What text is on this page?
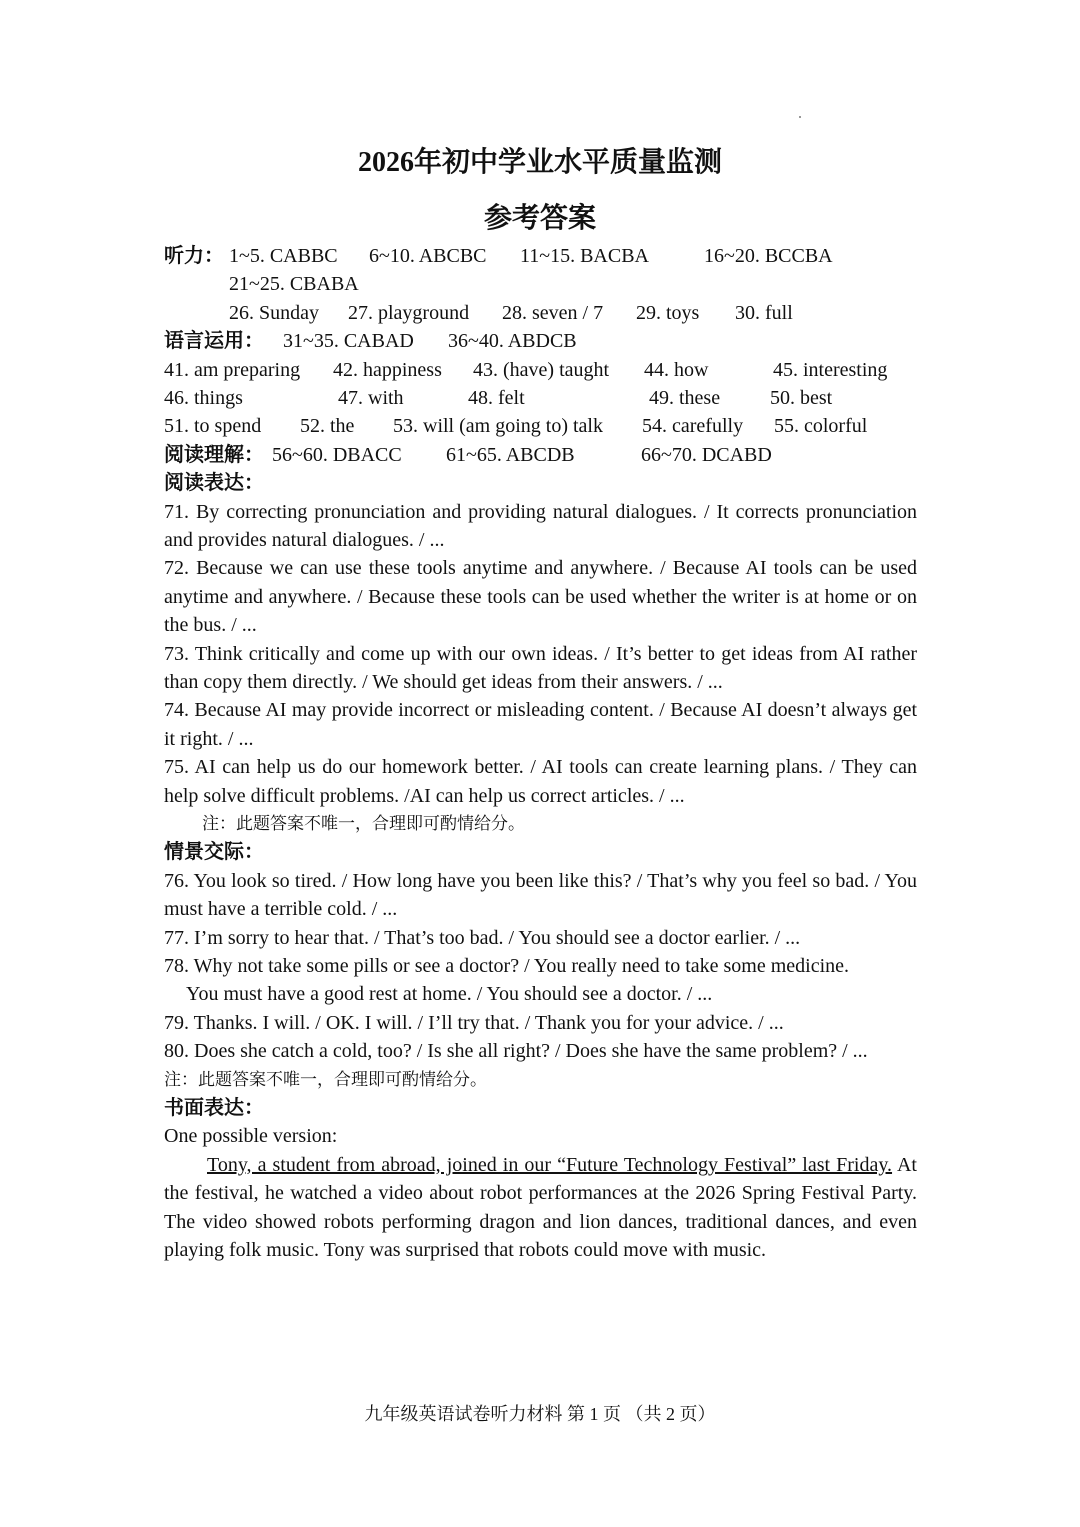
2026年初中学业水平质量监测
参考答案
听力： 1~5. CABBC 6~10. ABCBC 11~15. BACBA	16~20. BCCBA
21~25. CBABA
26. Sunday 27. playground 28. seven / 7 29. toys 30. full
语言运用： 31~35. CABAD 36~40. ABDCB
41. am preparing 42. happiness 43. (have) taught 44. how	45. interesting
46. things	47. with	48. felt	49. these 50. best
51. to spend 52. the 53. will (am going to) talk 54. carefully 55. colorful
阅读理解： 56~60. DBACC 61~65. ABCDB	66~70. DCABD
阅读表达：
71. By correcting pronunciation and providing natural dialogues. / It corrects pronunciation and provides natural dialogues. / ...
72. Because we can use these tools anytime and anywhere. / Because AI tools can be used anytime and anywhere. / Because these tools can be used whether the writer is at home or on the bus. / ...
73. Think critically and come up with our own ideas. / It’s better to get ideas from AI rather than copy them directly. / We should get ideas from their answers. / ...
74. Because AI may provide incorrect or misleading content. / Because AI doesn’t always get it right. / ...
75. AI can help us do our homework better. / AI tools can create learning plans. / They can help solve difficult problems. /AI can help us correct articles. / ...
注：此题答案不唯一，合理即可酌情给分。
情景交际：
76. You look so tired. / How long have you been like this? / That’s why you feel so bad. / You must have a terrible cold. / ...
77. I’m sorry to hear that. / That’s too bad. / You should see a doctor earlier. / ...
78. Why not take some pills or see a doctor? / You really need to take some medicine.
You must have a good rest at home. / You should see a doctor. / ...
79. Thanks. I will. / OK. I will. / I’ll try that. / Thank you for your advice. / ...
80. Does she catch a cold, too? / Is she all right? / Does she have the same problem? / ...
注：此题答案不唯一，合理即可酌情给分。
书面表达：
One possible version:
Tony, a student from abroad, joined in our “Future Technology Festival” last Friday. At the festival, he watched a video about robot performances at the 2026 Spring Festival Party. The video showed robots performing dragon and lion dances, traditional dances, and even playing folk music. Tony was surprised that robots could move with music.
九年级英语试卷听力材料 第 1 页 （共 2 页）
